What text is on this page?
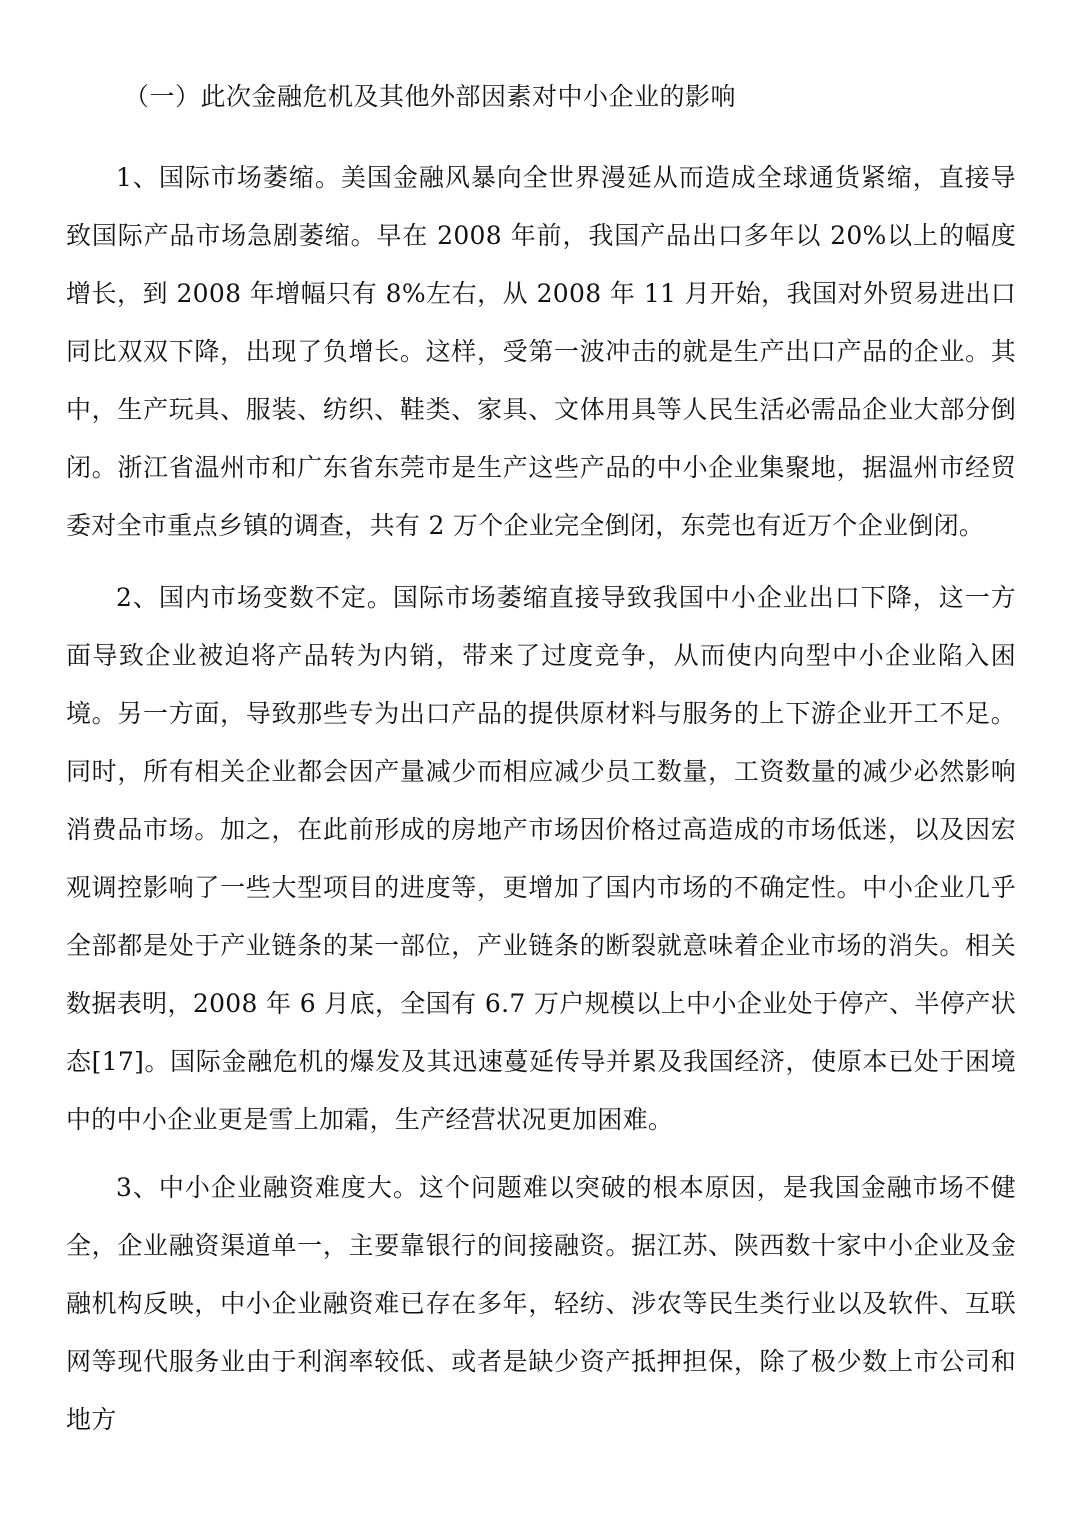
（一）此次金融危机及其他外部因素对中小企业的影响

1、国际市场萎缩。美国金融风暴向全世界漫延从而造成全球通货紧缩，直接导致国际产品市场急剧萎缩。早在 2008 年前，我国产品出口多年以 20%以上的幅度增长，到 2008 年增幅只有 8%左右，从 2008 年 11 月开始，我国对外贸易进出口同比双双下降，出现了负增长。这样，受第一波冲击的就是生产出口产品的企业。其中，生产玩具、服装、纺织、鞋类、家具、文体用具等人民生活必需品企业大部分倒闭。浙江省温州市和广东省东莞市是生产这些产品的中小企业集聚地，据温州市经贸委对全市重点乡镇的调查，共有 2 万个企业完全倒闭，东莞也有近万个企业倒闭。

2、国内市场变数不定。国际市场萎缩直接导致我国中小企业出口下降，这一方面导致企业被迫将产品转为内销，带来了过度竞争，从而使内向型中小企业陷入困境。另一方面，导致那些专为出口产品的提供原材料与服务的上下游企业开工不足。同时，所有相关企业都会因产量减少而相应减少员工数量，工资数量的减少必然影响消费品市场。加之，在此前形成的房地产市场因价格过高造成的市场低迷，以及因宏观调控影响了一些大型项目的进度等，更增加了国内市场的不确定性。中小企业几乎全部都是处于产业链条的某一部位，产业链条的断裂就意味着企业市场的消失。相关数据表明，2008 年 6 月底，全国有 6.7 万户规模以上中小企业处于停产、半停产状态[17]。国际金融危机的爆发及其迅速蔓延传导并累及我国经济，使原本已处于困境中的中小企业更是雪上加霜，生产经营状况更加困难。

3、中小企业融资难度大。这个问题难以突破的根本原因，是我国金融市场不健全，企业融资渠道单一，主要靠银行的间接融资。据江苏、陕西数十家中小企业及金融机构反映，中小企业融资难已存在多年，轻纺、涉农等民生类行业以及软件、互联网等现代服务业由于利润率较低、或者是缺少资产抵押担保，除了极少数上市公司和地方
